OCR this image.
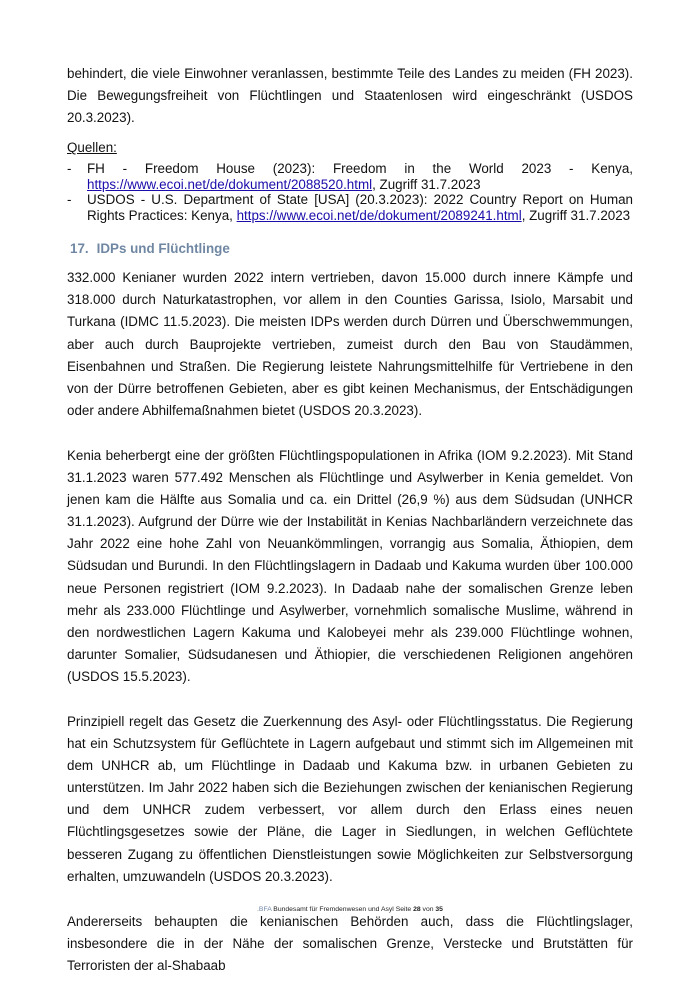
behindert, die viele Einwohner veranlassen, bestimmte Teile des Landes zu meiden (FH 2023). Die Bewegungsfreiheit von Flüchtlingen und Staatenlosen wird eingeschränkt (USDOS 20.3.2023).

Quellen:
- FH - Freedom House (2023): Freedom in the World 2023 - Kenya, https://www.ecoi.net/de/dokument/2088520.html, Zugriff 31.7.2023
- USDOS - U.S. Department of State [USA] (20.3.2023): 2022 Country Report on Human Rights Practices: Kenya, https://www.ecoi.net/de/dokument/2089241.html, Zugriff 31.7.2023
17. IDPs und Flüchtlinge

332.000 Kenianer wurden 2022 intern vertrieben, davon 15.000 durch innere Kämpfe und 318.000 durch Naturkatastrophen, vor allem in den Counties Garissa, Isiolo, Marsabit und Turkana (IDMC 11.5.2023). Die meisten IDPs werden durch Dürren und Überschwemmungen, aber auch durch Bauprojekte vertrieben, zumeist durch den Bau von Staudämmen, Eisenbahnen und Straßen. Die Regierung leistete Nahrungsmittelhilfe für Vertriebene in den von der Dürre betroffenen Gebieten, aber es gibt keinen Mechanismus, der Entschädigungen oder andere Abhilfemaßnahmen bietet (USDOS 20.3.2023).

Kenia beherbergt eine der größten Flüchtlingspopulationen in Afrika (IOM 9.2.2023). Mit Stand 31.1.2023 waren 577.492 Menschen als Flüchtlinge und Asylwerber in Kenia gemeldet. Von jenen kam die Hälfte aus Somalia und ca. ein Drittel (26,9 %) aus dem Südsudan (UNHCR 31.1.2023). Aufgrund der Dürre wie der Instabilität in Kenias Nachbarländern verzeichnete das Jahr 2022 eine hohe Zahl von Neuankömmlingen, vorrangig aus Somalia, Äthiopien, dem Südsudan und Burundi. In den Flüchtlingslagern in Dadaab und Kakuma wurden über 100.000 neue Personen registriert (IOM 9.2.2023). In Dadaab nahe der somalischen Grenze leben mehr als 233.000 Flüchtlinge und Asylwerber, vornehmlich somalische Muslime, während in den nordwestlichen Lagern Kakuma und Kalobeyei mehr als 239.000 Flüchtlinge wohnen, darunter Somalier, Südsudanesen und Äthiopier, die verschiedenen Religionen angehören (USDOS 15.5.2023).

Prinzipiell regelt das Gesetz die Zuerkennung des Asyl- oder Flüchtlingsstatus. Die Regierung hat ein Schutzsystem für Geflüchtete in Lagern aufgebaut und stimmt sich im Allgemeinen mit dem UNHCR ab, um Flüchtlinge in Dadaab und Kakuma bzw. in urbanen Gebieten zu unterstützen. Im Jahr 2022 haben sich die Beziehungen zwischen der kenianischen Regierung und dem UNHCR zudem verbessert, vor allem durch den Erlass eines neuen Flüchtlingsgesetzes sowie der Pläne, die Lager in Siedlungen, in welchen Geflüchtete besseren Zugang zu öffentlichen Dienstleistungen sowie Möglichkeiten zur Selbstversorgung erhalten, umzuwandeln (USDOS 20.3.2023).

Andererseits behaupten die kenianischen Behörden auch, dass die Flüchtlingslager, insbesondere die in der Nähe der somalischen Grenze, Verstecke und Brutstätten für Terroristen der al-Shabaab

.BFA Bundesamt für Fremdenwesen und Asyl Seite 28 von 35
